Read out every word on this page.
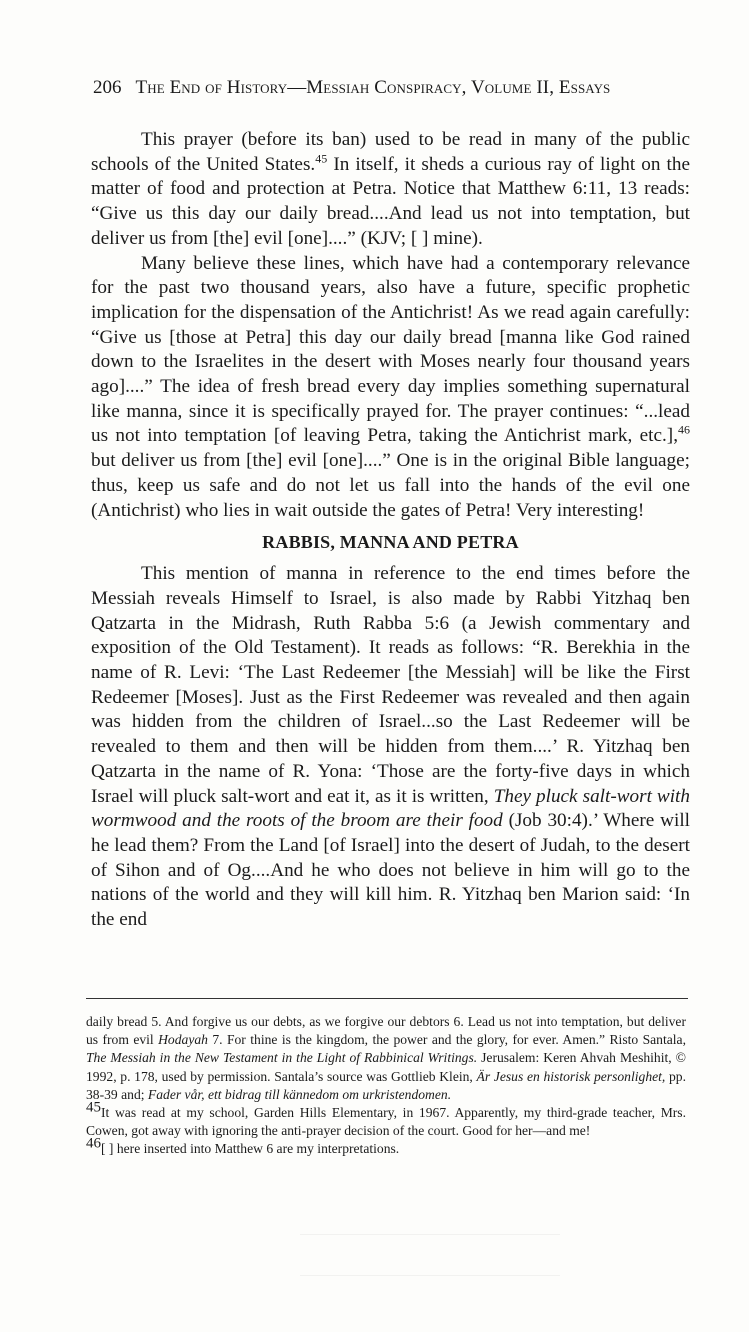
206 The End of History—Messiah Conspiracy, Volume II, Essays

This prayer (before its ban) used to be read in many of the public schools of the United States.$^{45}$ In itself, it sheds a curious ray of light on the matter of food and protection at Petra. Notice that Matthew 6:11, 13 reads: “Give us this day our daily bread....And lead us not into temptation, but deliver us from [the] evil [one]....” (KJV; [ ] mine).

Many believe these lines, which have had a contemporary relevance for the past two thousand years, also have a future, specific prophetic implication for the dispensation of the Antichrist! As we read again carefully: “Give us [those at Petra] this day our daily bread [manna like God rained down to the Israelites in the desert with Moses nearly four thousand years ago]....” The idea of fresh bread every day implies something supernatural like manna, since it is specifically prayed for. The prayer continues: “...lead us not into temptation [of leaving Petra, taking the Antichrist mark, etc.],$^{46}$ but deliver us from [the] evil [one]....” One is in the original Bible language; thus, keep us safe and do not let us fall into the hands of the evil one (Antichrist) who lies in wait outside the gates of Petra! Very interesting!

RABBIS, MANNA AND PETRA

This mention of manna in reference to the end times before the Messiah reveals Himself to Israel, is also made by Rabbi Yitzhaq ben Qatzarta in the Midrash, Ruth Rabba 5:6 (a Jewish commentary and exposition of the Old Testament). It reads as follows: “R. Berekhia in the name of R. Levi: ‘The Last Redeemer [the Messiah] will be like the First Redeemer [Moses]. Just as the First Redeemer was revealed and then again was hidden from the children of Israel...so the Last Redeemer will be revealed to them and then will be hidden from them....’ R. Yitzhaq ben Qatzarta in the name of R. Yona: ‘Those are the forty-five days in which Israel will pluck salt-wort and eat it, as it is written, They pluck salt-wort with wormwood and the roots of the broom are their food (Job 30:4).’ Where will he lead them? From the Land [of Israel] into the desert of Judah, to the desert of Sihon and of Og....And he who does not believe in him will go to the nations of the world and they will kill him. R. Yitzhaq ben Marion said: ‘In the end

daily bread 5. And forgive us our debts, as we forgive our debtors 6. Lead us not into temptation, but deliver us from evil Hodayah 7. For thine is the kingdom, the power and the glory, for ever. Amen.” Risto Santala, The Messiah in the New Testament in the Light of Rabbinical Writings. Jerusalem: Keren Ahvah Meshihit, © 1992, p. 178, used by permission. Santala’s source was Gottlieb Klein, Är Jesus en historisk personlighet, pp. 38-39 and; Fader vår, ett bidrag till kännedom om urkristendomen.

$^{45}$It was read at my school, Garden Hills Elementary, in 1967. Apparently, my third-grade teacher, Mrs. Cowen, got away with ignoring the anti-prayer decision of the court. Good for her—and me!

$^{46}$[ ] here inserted into Matthew 6 are my interpretations.
